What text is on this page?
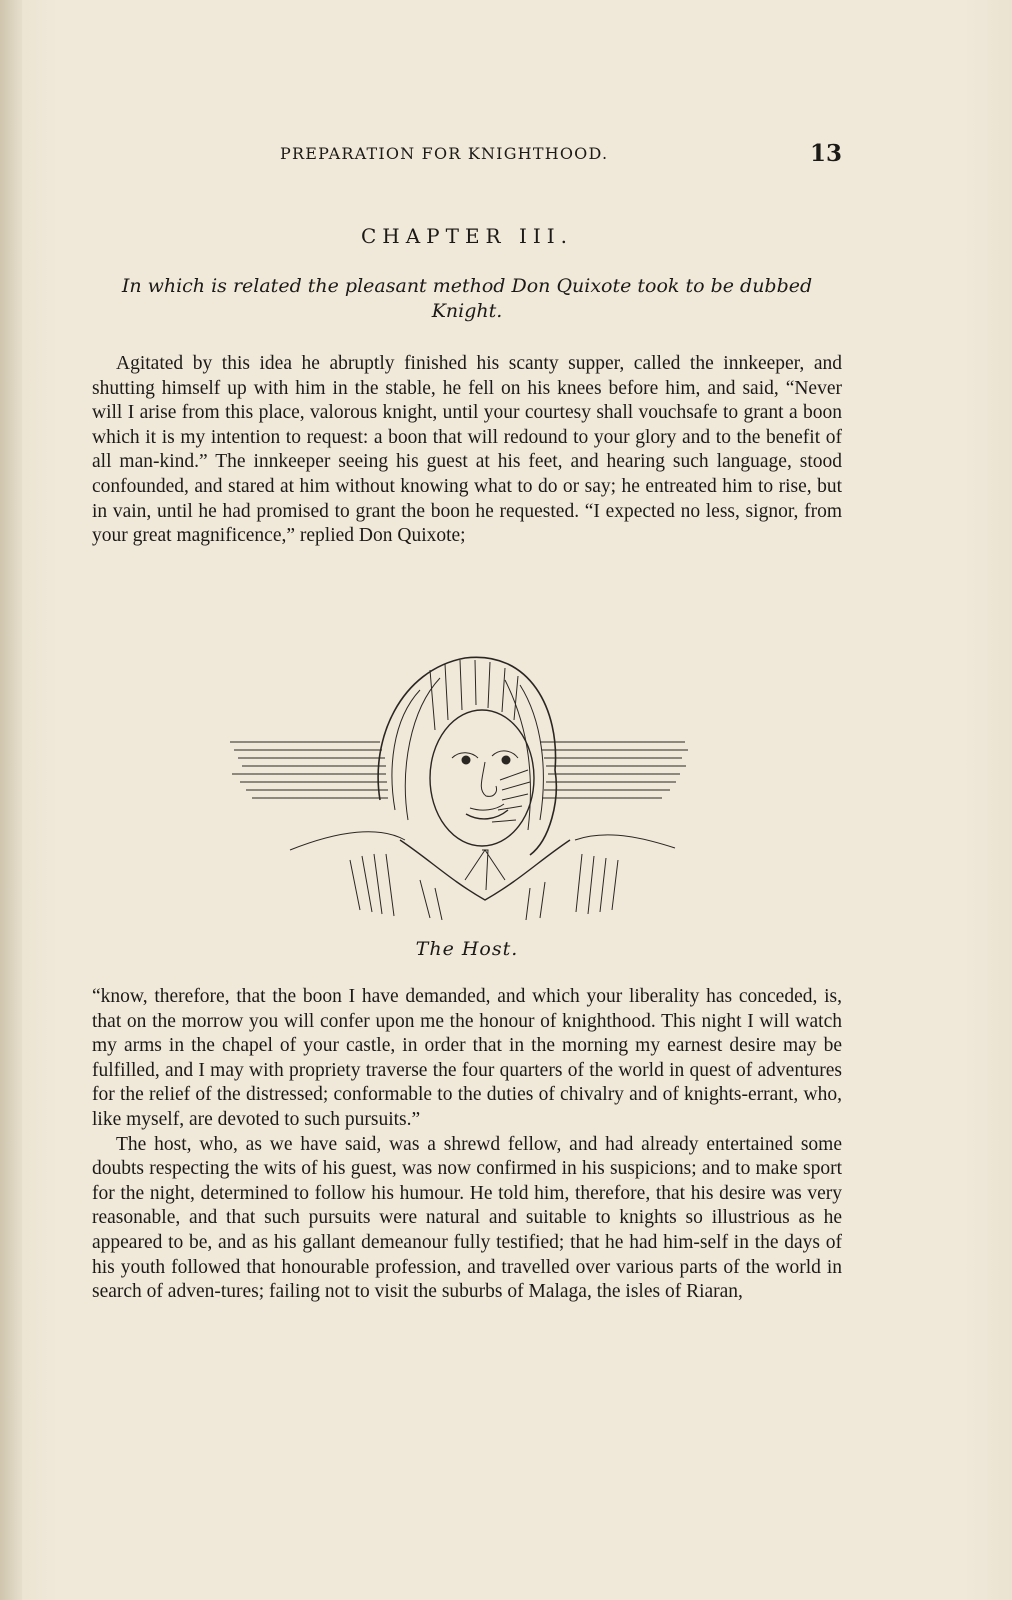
PREPARATION FOR KNIGHTHOOD.	13
CHAPTER III.
In which is related the pleasant method Don Quixote took to be dubbed Knight.

Agitated by this idea he abruptly finished his scanty supper, called the innkeeper, and shutting himself up with him in the stable, he fell on his knees before him, and said, “Never will I arise from this place, valorous knight, until your courtesy shall vouchsafe to grant a boon which it is my intention to request: a boon that will redound to your glory and to the benefit of all man-kind.” The innkeeper seeing his guest at his feet, and hearing such language, stood confounded, and stared at him without knowing what to do or say; he entreated him to rise, but in vain, until he had promised to grant the boon he requested. “I expected no less, signor, from your great magnificence,” replied Don Quixote;

The Host.

“know, therefore, that the boon I have demanded, and which your liberality has conceded, is, that on the morrow you will confer upon me the honour of knighthood. This night I will watch my arms in the chapel of your castle, in order that in the morning my earnest desire may be fulfilled, and I may with propriety traverse the four quarters of the world in quest of adventures for the relief of the distressed; conformable to the duties of chivalry and of knights-errant, who, like myself, are devoted to such pursuits.”

The host, who, as we have said, was a shrewd fellow, and had already entertained some doubts respecting the wits of his guest, was now confirmed in his suspicions; and to make sport for the night, determined to follow his humour. He told him, therefore, that his desire was very reasonable, and that such pursuits were natural and suitable to knights so illustrious as he appeared to be, and as his gallant demeanour fully testified; that he had him-self in the days of his youth followed that honourable profession, and travelled over various parts of the world in search of adven-tures; failing not to visit the suburbs of Malaga, the isles of Riaran,
